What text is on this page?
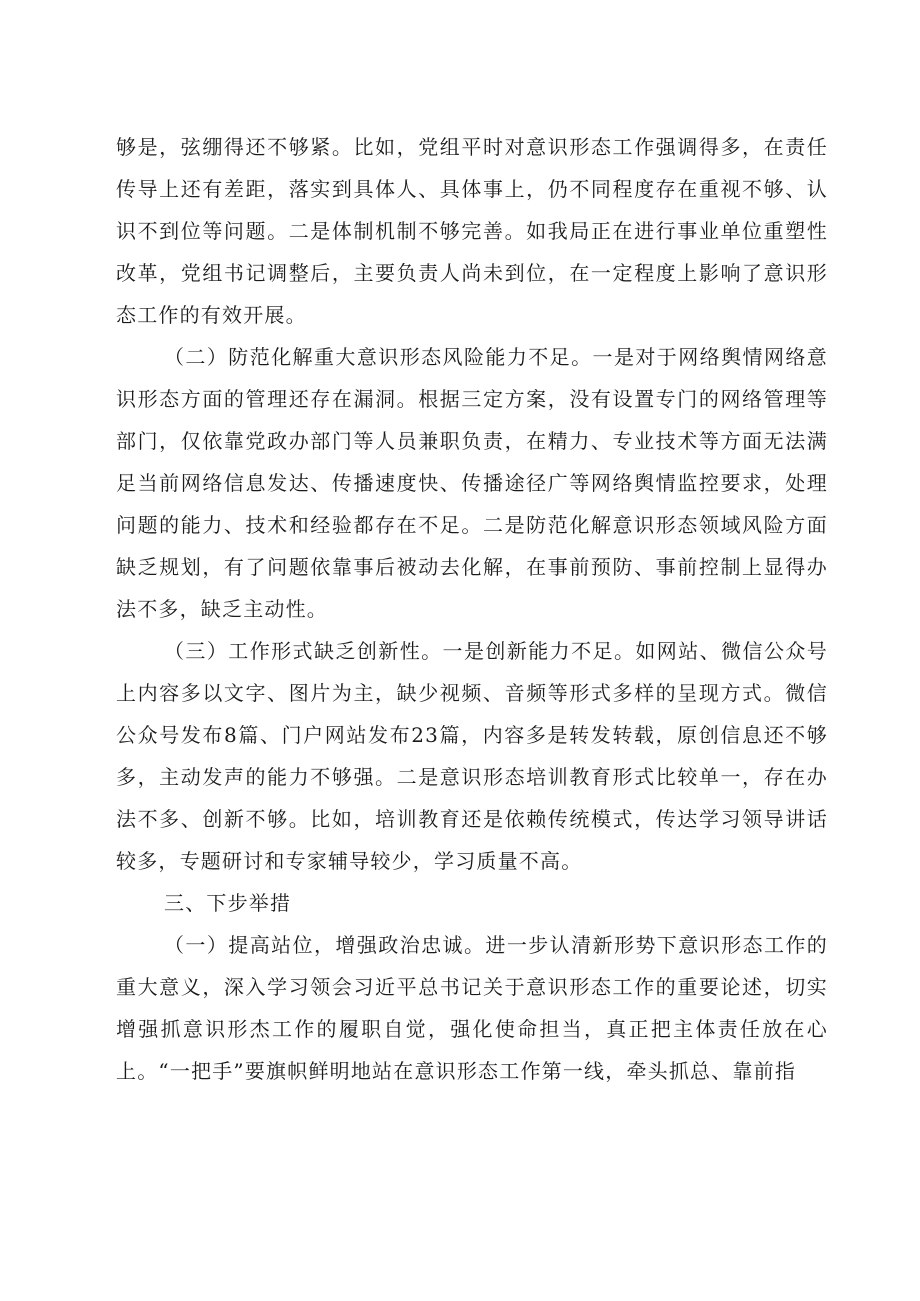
够是，弦绷得还不够紧。比如，党组平时对意识形态工作强调得多，在责任传导上还有差距，落实到具体人、具体事上，仍不同程度存在重视不够、认识不到位等问题。二是体制机制不够完善。如我局正在进行事业单位重塑性改革，党组书记调整后，主要负责人尚未到位，在一定程度上影响了意识形态工作的有效开展。

（二）防范化解重大意识形态风险能力不足。一是对于网络舆情网络意识形态方面的管理还存在漏洞。根据三定方案，没有设置专门的网络管理等部门，仅依靠党政办部门等人员兼职负责，在精力、专业技术等方面无法满足当前网络信息发达、传播速度快、传播途径广等网络舆情监控要求，处理问题的能力、技术和经验都存在不足。二是防范化解意识形态领域风险方面缺乏规划，有了问题依靠事后被动去化解，在事前预防、事前控制上显得办法不多，缺乏主动性。

（三）工作形式缺乏创新性。一是创新能力不足。如网站、微信公众号上内容多以文字、图片为主，缺少视频、音频等形式多样的呈现方式。微信公众号发布8篇、门户网站发布23篇，内容多是转发转载，原创信息还不够多，主动发声的能力不够强。二是意识形态培训教育形式比较单一，存在办法不多、创新不够。比如，培训教育还是依赖传统模式，传达学习领导讲话较多，专题研讨和专家辅导较少，学习质量不高。

三、下步举措

（一）提高站位，增强政治忠诚。进一步认清新形势下意识形态工作的重大意义，深入学习领会习近平总书记关于意识形态工作的重要论述，切实增强抓意识形杰工作的履职自觉，强化使命担当，真正把主体责任放在心上。“一把手”要旗帜鲜明地站在意识形态工作第一线，牵头抓总、靠前指
